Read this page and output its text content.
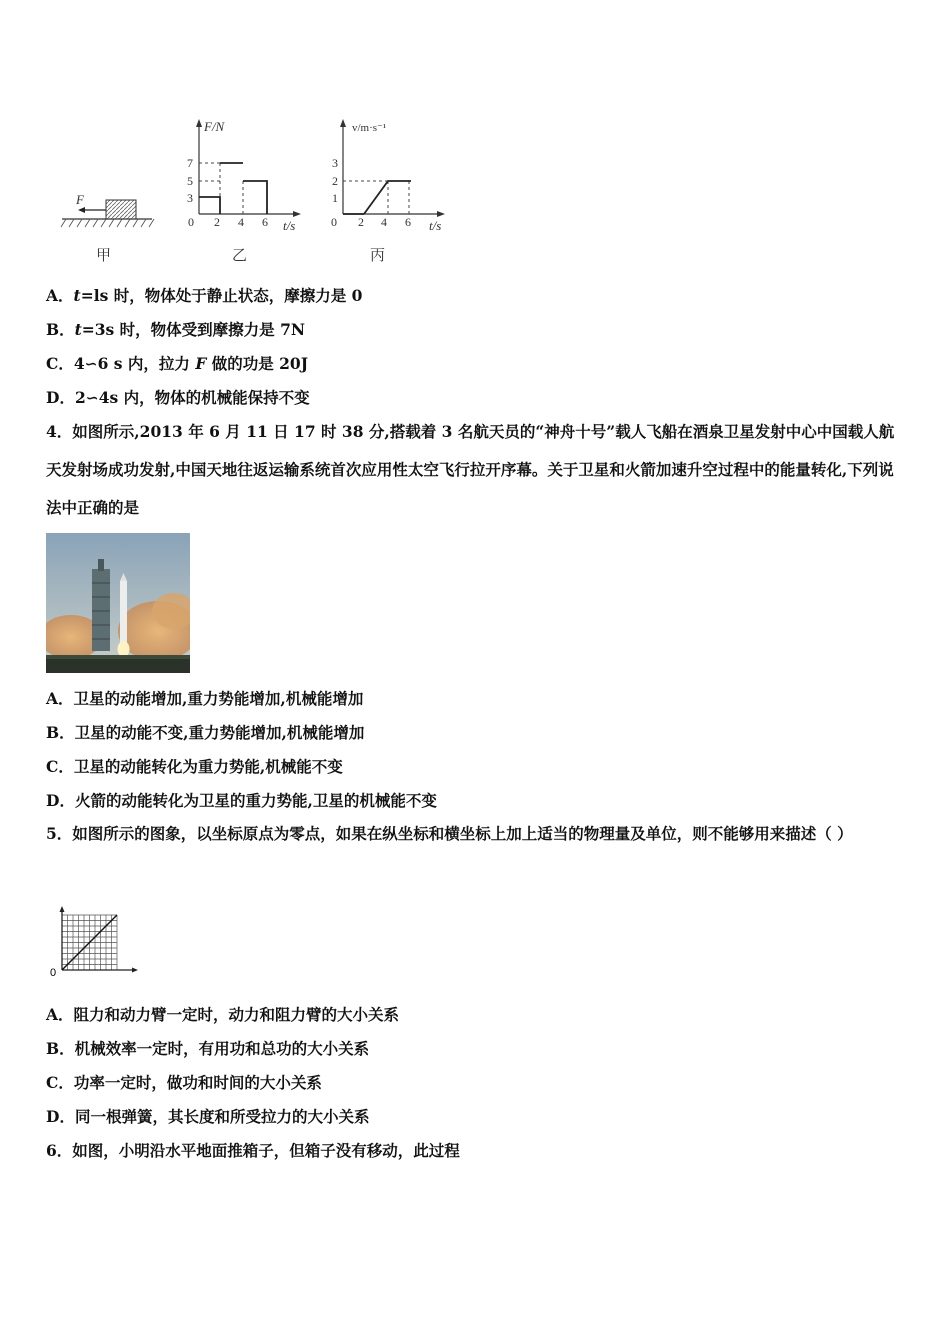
F
甲
F/N
t/s
7
5
3
0 2 4 6
乙
v/m·s⁻¹
t/s
3
2
1
0 2 4 6
丙
A．t=ls 时，物体处于静止状态，摩擦力是 0
B．t=3s 时，物体受到摩擦力是 7N
C．4∽6 s 内，拉力 F 做的功是 20J
D．2∽4s 内，物体的机械能保持不变
4．如图所示,2013 年 6 月 11 日 17 时 38 分,搭载着 3 名航天员的“神舟十号”载人飞船在酒泉卫星发射中心中国载人航天发射场成功发射,中国天地往返运输系统首次应用性太空飞行拉开序幕。关于卫星和火箭加速升空过程中的能量转化,下列说法中正确的是
A．卫星的动能增加,重力势能增加,机械能增加
B．卫星的动能不变,重力势能增加,机械能增加
C．卫星的动能转化为重力势能,机械能不变
D．火箭的动能转化为卫星的重力势能,卫星的机械能不变
5．如图所示的图象，以坐标原点为零点，如果在纵坐标和横坐标上加上适当的物理量及单位，则不能够用来描述（ ）
0
A．阻力和动力臂一定时，动力和阻力臂的大小关系
B．机械效率一定时，有用功和总功的大小关系
C．功率一定时，做功和时间的大小关系
D．同一根弹簧，其长度和所受拉力的大小关系
6．如图，小明沿水平地面推箱子，但箱子没有移动，此过程
